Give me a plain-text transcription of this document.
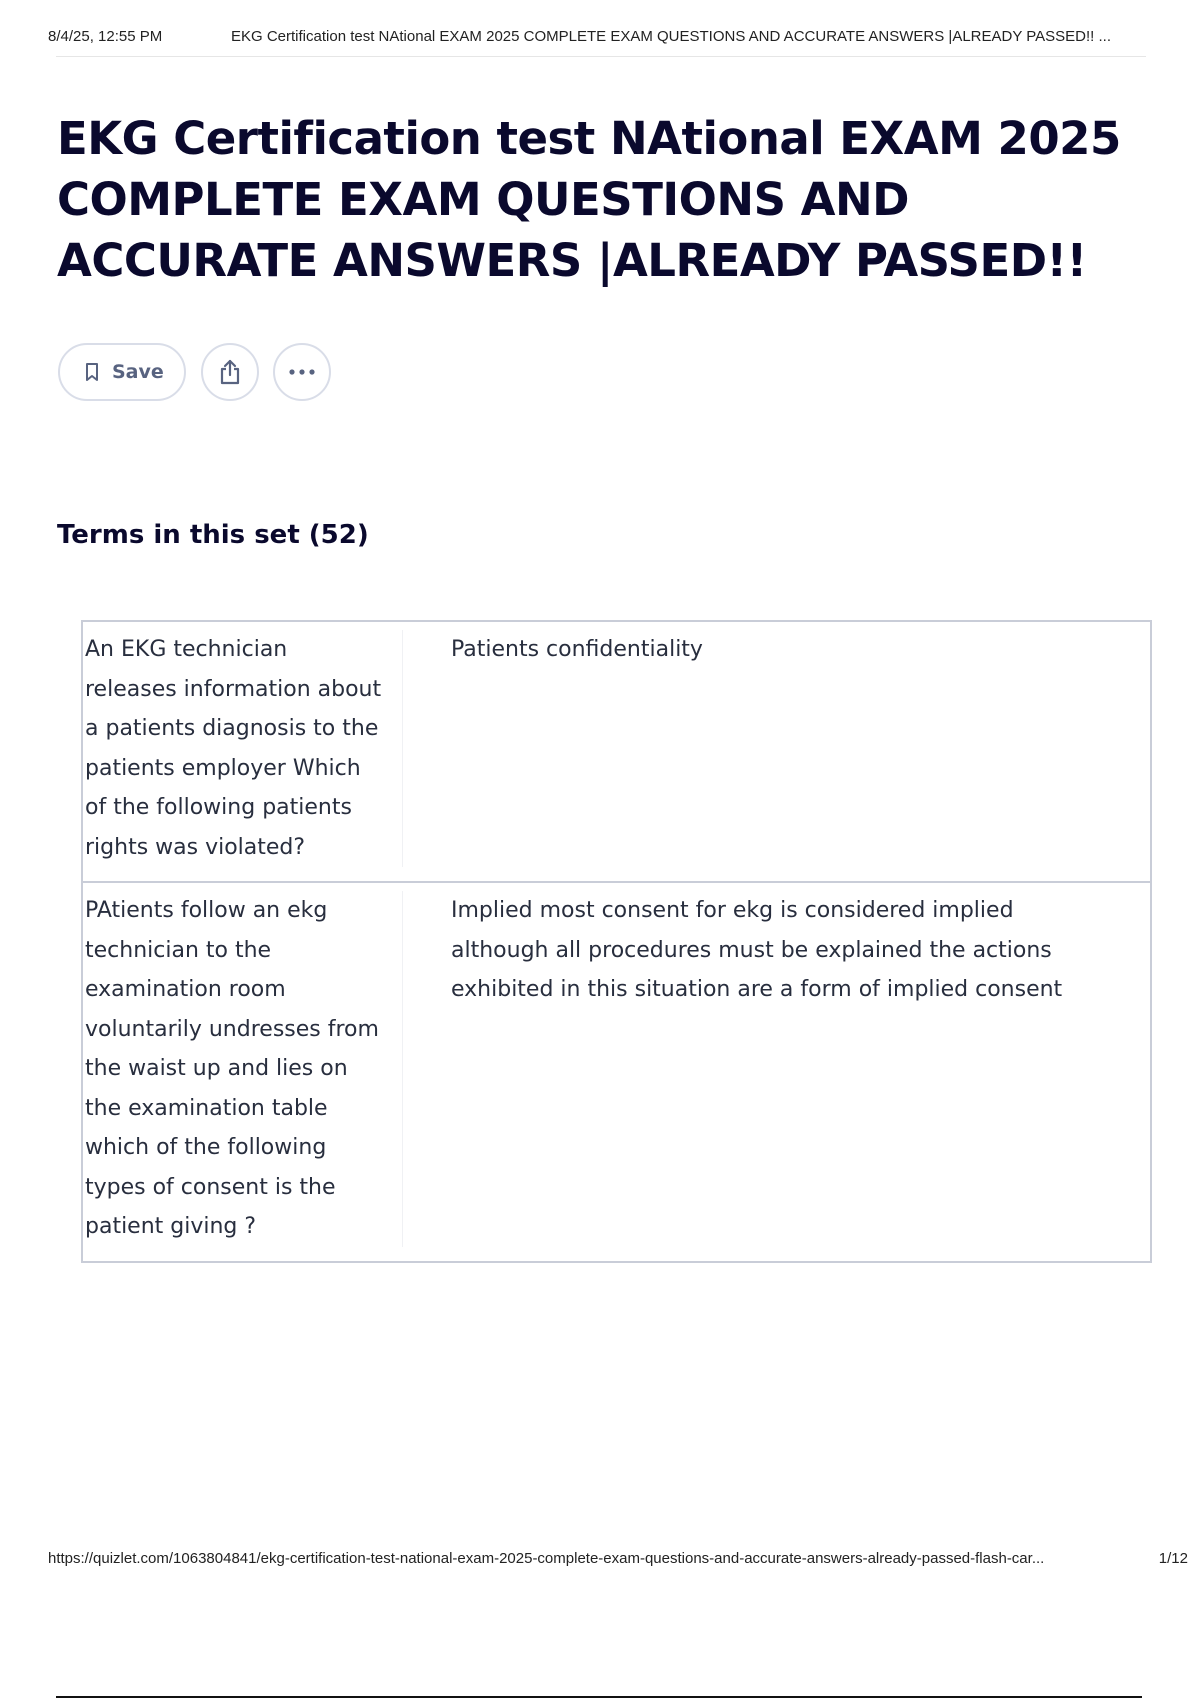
8/4/25, 12:55 PM	EKG Certification test NAtional EXAM 2025 COMPLETE EXAM QUESTIONS AND ACCURATE ANSWERS |ALREADY PASSED!! ...
EKG Certification test NAtional EXAM 2025 COMPLETE EXAM QUESTIONS AND ACCURATE ANSWERS |ALREADY PASSED!!
Save
Terms in this set (52)
An EKG technician releases information about a patients diagnosis to the patients employer Which of the following patients rights was violated?
Patients confidentiality
PAtients follow an ekg technician to the examination room voluntarily undresses from the waist up and lies on the examination table which of the following types of consent is the patient giving ?
Implied most consent for ekg is considered implied although all procedures must be explained the actions exhibited in this situation are a form of implied consent
https://quizlet.com/1063804841/ekg-certification-test-national-exam-2025-complete-exam-questions-and-accurate-answers-already-passed-flash-car...	1/12
